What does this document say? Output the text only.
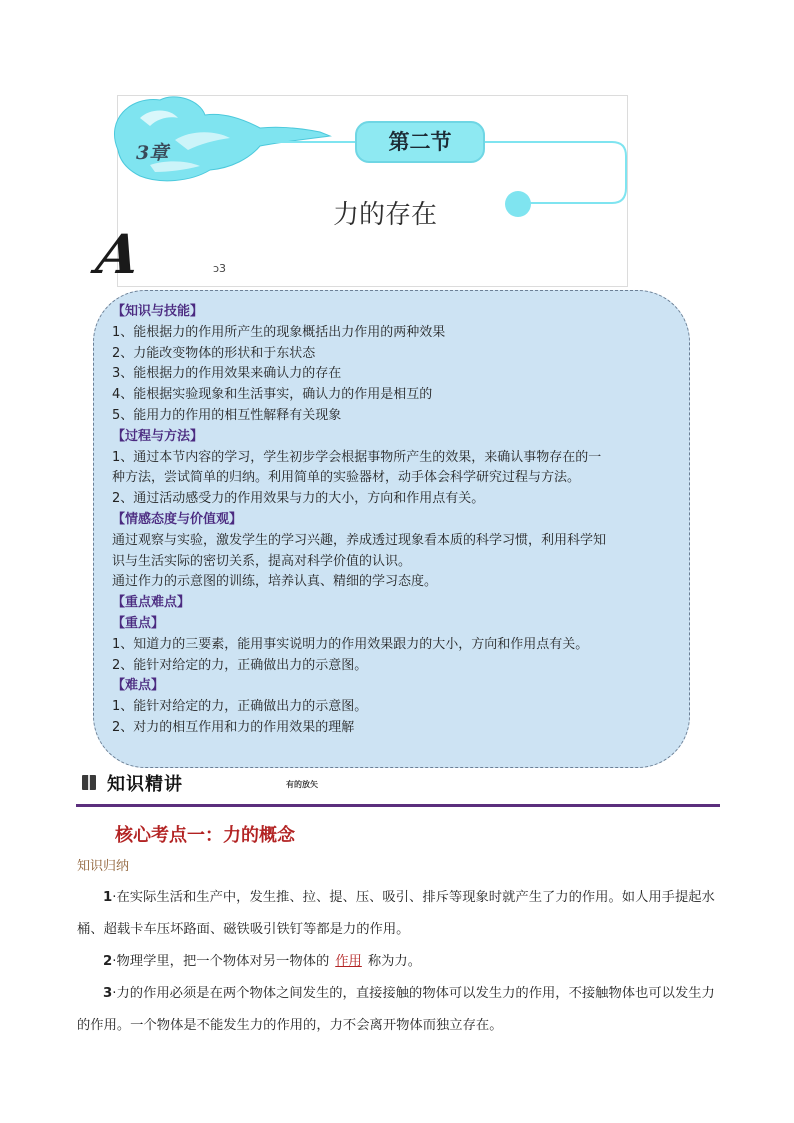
3章	第二节
力的存在
A	ɔ3
【知识与技能】
1、能根据力的作用所产生的现象概括出力作用的两种效果
2、力能改变物体的形状和于东状态
3、能根据力的作用效果来确认力的存在
4、能根据实验现象和生活事实，确认力的作用是相互的
5、能用力的作用的相互性解释有关现象
【过程与方法】
1、通过本节内容的学习，学生初步学会根据事物所产生的效果，来确认事物存在的一
种方法，尝试简单的归纳。利用简单的实验器材，动手体会科学研究过程与方法。
2、通过活动感受力的作用效果与力的大小，方向和作用点有关。
【情感态度与价值观】
通过观察与实验，激发学生的学习兴趣，养成透过现象看本质的科学习惯，利用科学知
识与生活实际的密切关系，提高对科学价值的认识。
通过作力的示意图的训练，培养认真、精细的学习态度。
【重点难点】
【重点】
1、知道力的三要素，能用事实说明力的作用效果跟力的大小，方向和作用点有关。
2、能针对给定的力，正确做出力的示意图。
【难点】
1、能针对给定的力，正确做出力的示意图。
2、对力的相互作用和力的作用效果的理解
知识精讲	有的放矢
核心考点一：力的概念
知识归纳
1·在实际生活和生产中，发生推、拉、提、压、吸引、排斥等现象时就产生了力的作用。如人用手提起水桶、超载卡车压坏路面、磁铁吸引铁钉等都是力的作用。
2·物理学里，把一个物体对另一物体的 作用 称为力。
3·力的作用必须是在两个物体之间发生的，直接接触的物体可以发生力的作用，不接触物体也可以发生力的作用。一个物体是不能发生力的作用的，力不会离开物体而独立存在。
